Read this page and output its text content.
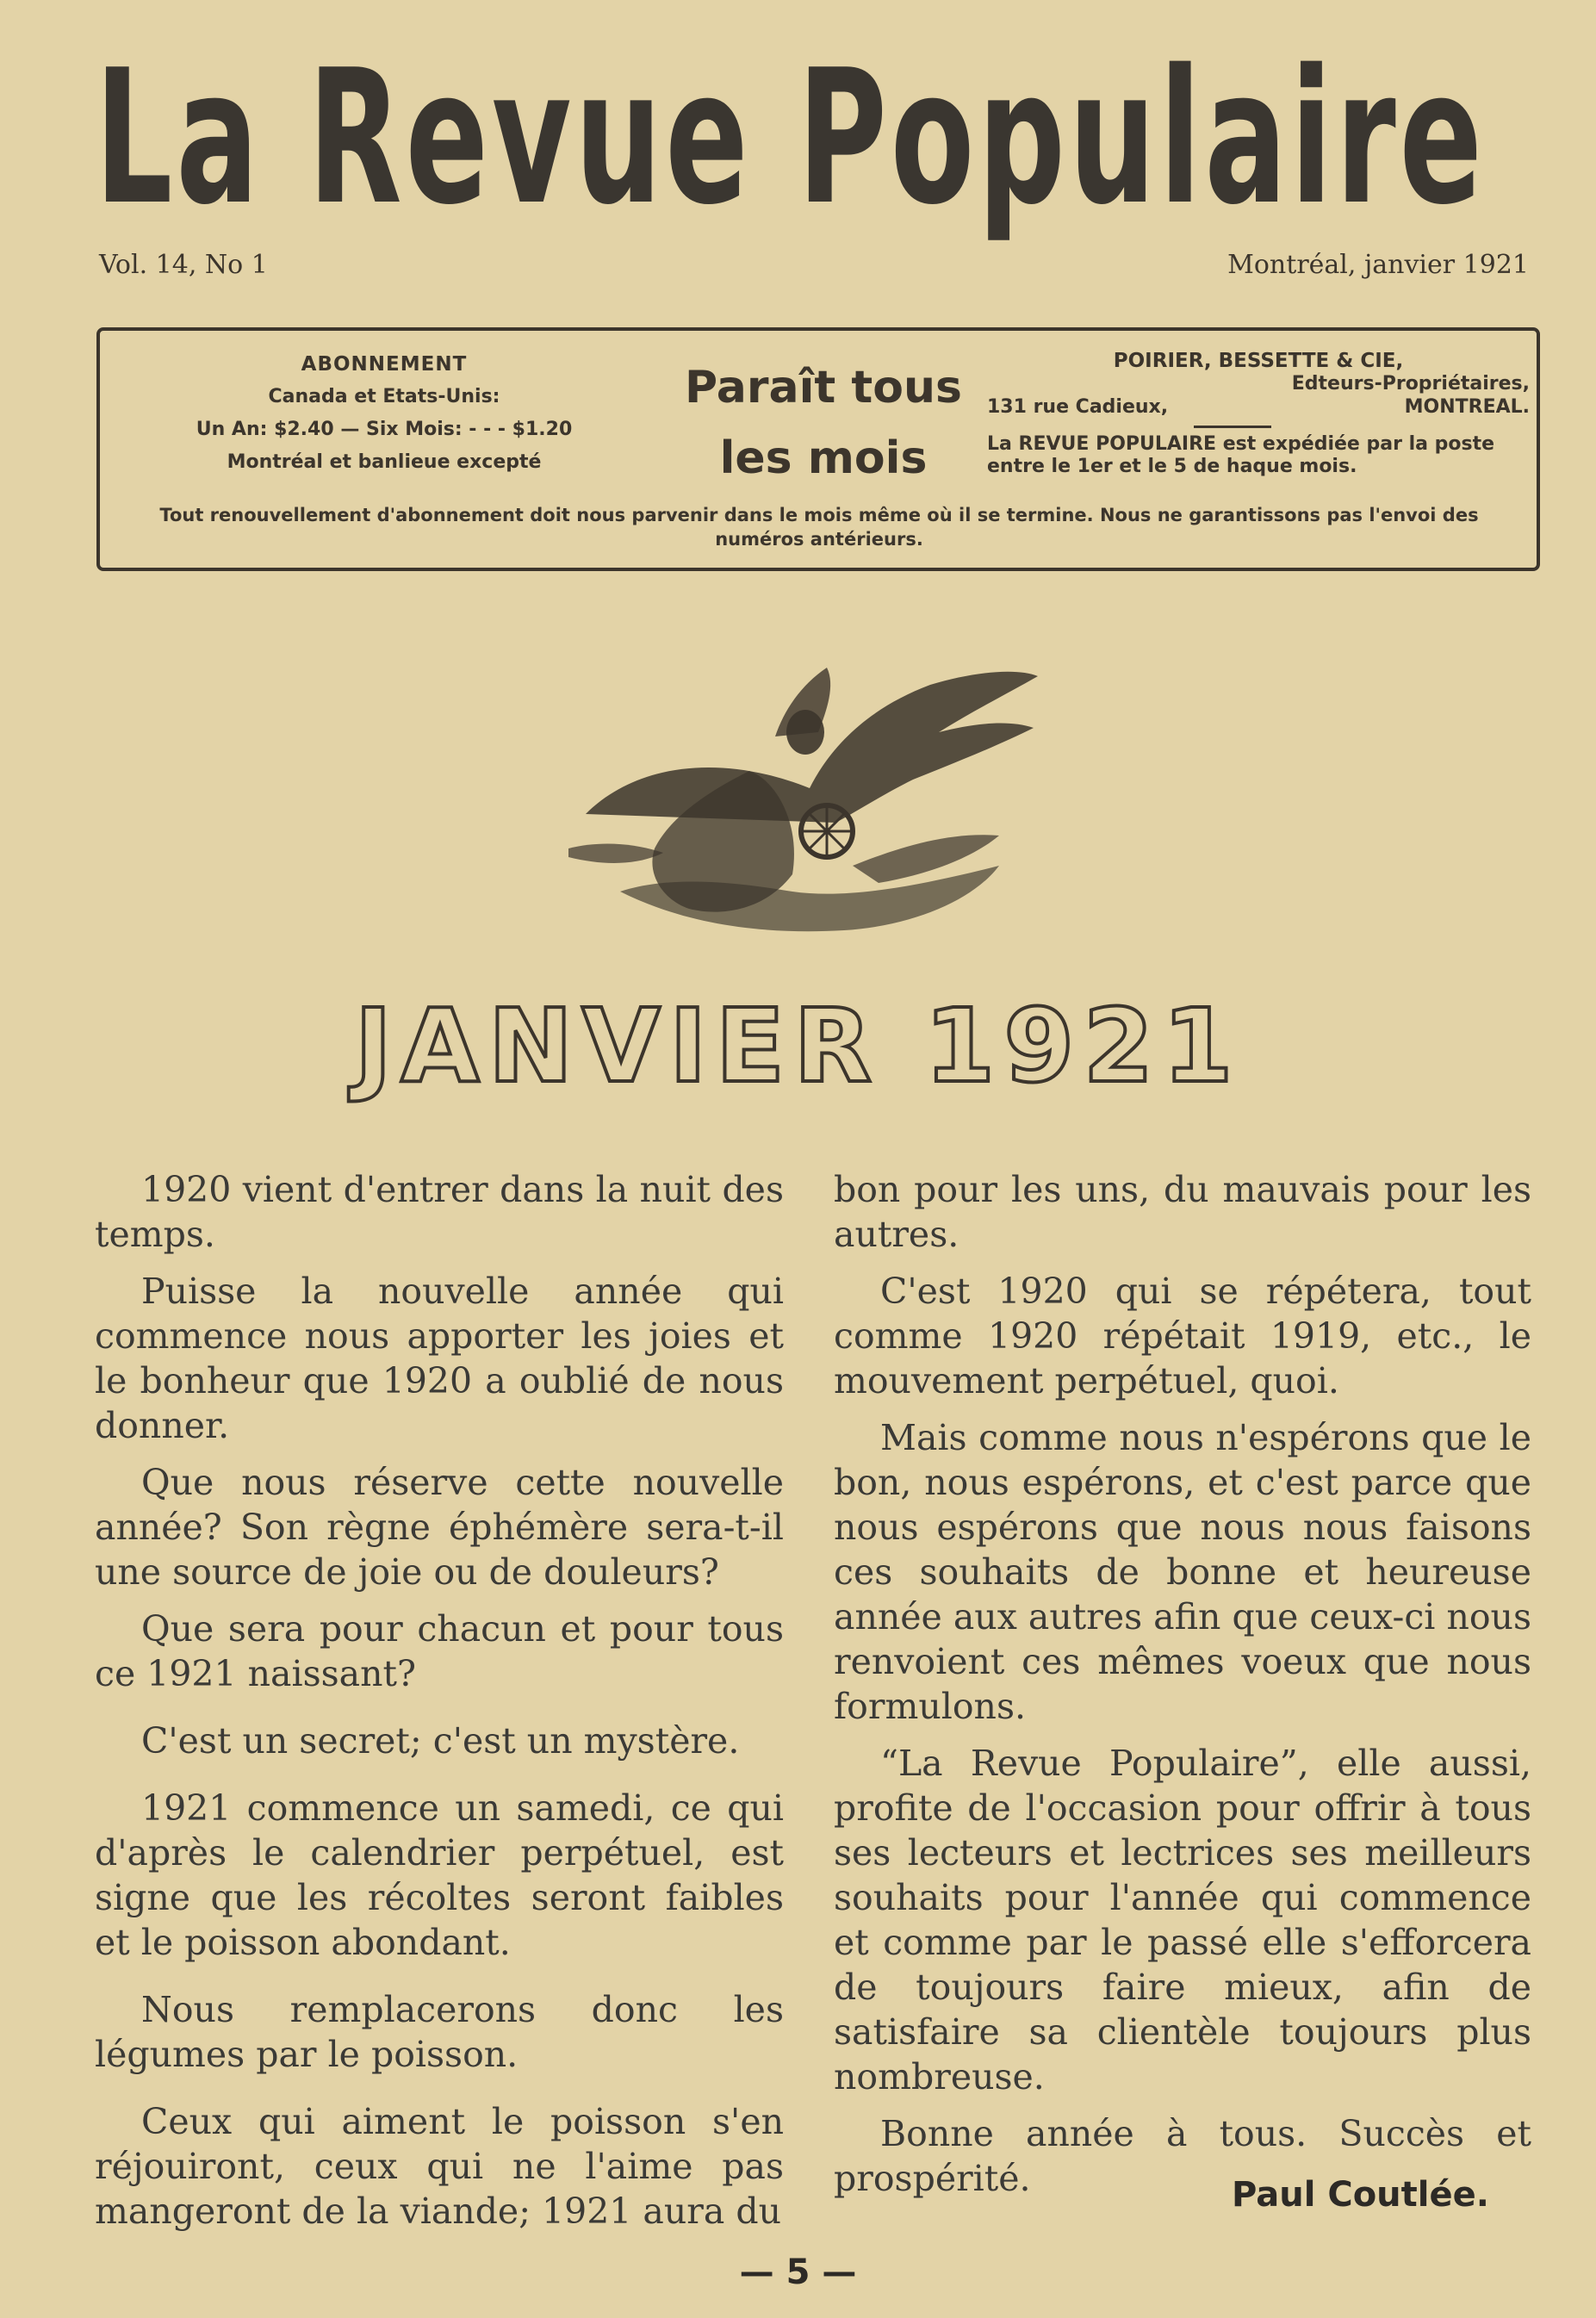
La Revue Populaire
Vol. 14, No 1	Montréal, janvier 1921
ABONNEMENT
Canada et Etats-Unis:
Un An: $2.40 — Six Mois: - - - $1.20
Montréal et banlieue excepté
Paraît tous
les mois
POIRIER, BESSETTE & CIE,
Edteurs-Propriétaires,
131 rue Cadieux,	MONTREAL.
La REVUE POPULAIRE est expédiée par la poste entre le 1er et le 5 de haque mois.
Tout renouvellement d'abonnement doit nous parvenir dans le mois même où il se termine. Nous ne garantissons pas l'envoi des numéros antérieurs.
JANVIER 1921

1920 vient d'entrer dans la nuit des temps.

Puisse la nouvelle année qui commence nous apporter les joies et le bonheur que 1920 a oublié de nous donner.

Que nous réserve cette nouvelle année? Son règne éphémère sera-t-il une source de joie ou de douleurs?

Que sera pour chacun et pour tous ce 1921 naissant?

C'est un secret; c'est un mystère.

1921 commence un samedi, ce qui d'après le calendrier perpétuel, est signe que les récoltes seront faibles et le poisson abondant.

Nous remplacerons donc les légumes par le poisson.

Ceux qui aiment le poisson s'en réjouiront, ceux qui ne l'aime pas mangeront de la viande; 1921 aura du

bon pour les uns, du mauvais pour les autres.

C'est 1920 qui se répétera, tout comme 1920 répétait 1919, etc., le mouvement perpétuel, quoi.

Mais comme nous n'espérons que le bon, nous espérons, et c'est parce que nous espérons que nous nous faisons ces souhaits de bonne et heureuse année aux autres afin que ceux-ci nous renvoient ces mêmes voeux que nous formulons.

“La Revue Populaire”, elle aussi, profite de l'occasion pour offrir à tous ses lecteurs et lectrices ses meilleurs souhaits pour l'année qui commence et comme par le passé elle s'efforcera de toujours faire mieux, afin de satisfaire sa clientèle toujours plus nombreuse.

Bonne année à tous. Succès et prospérité.	Paul Coutlée.
— 5 —
